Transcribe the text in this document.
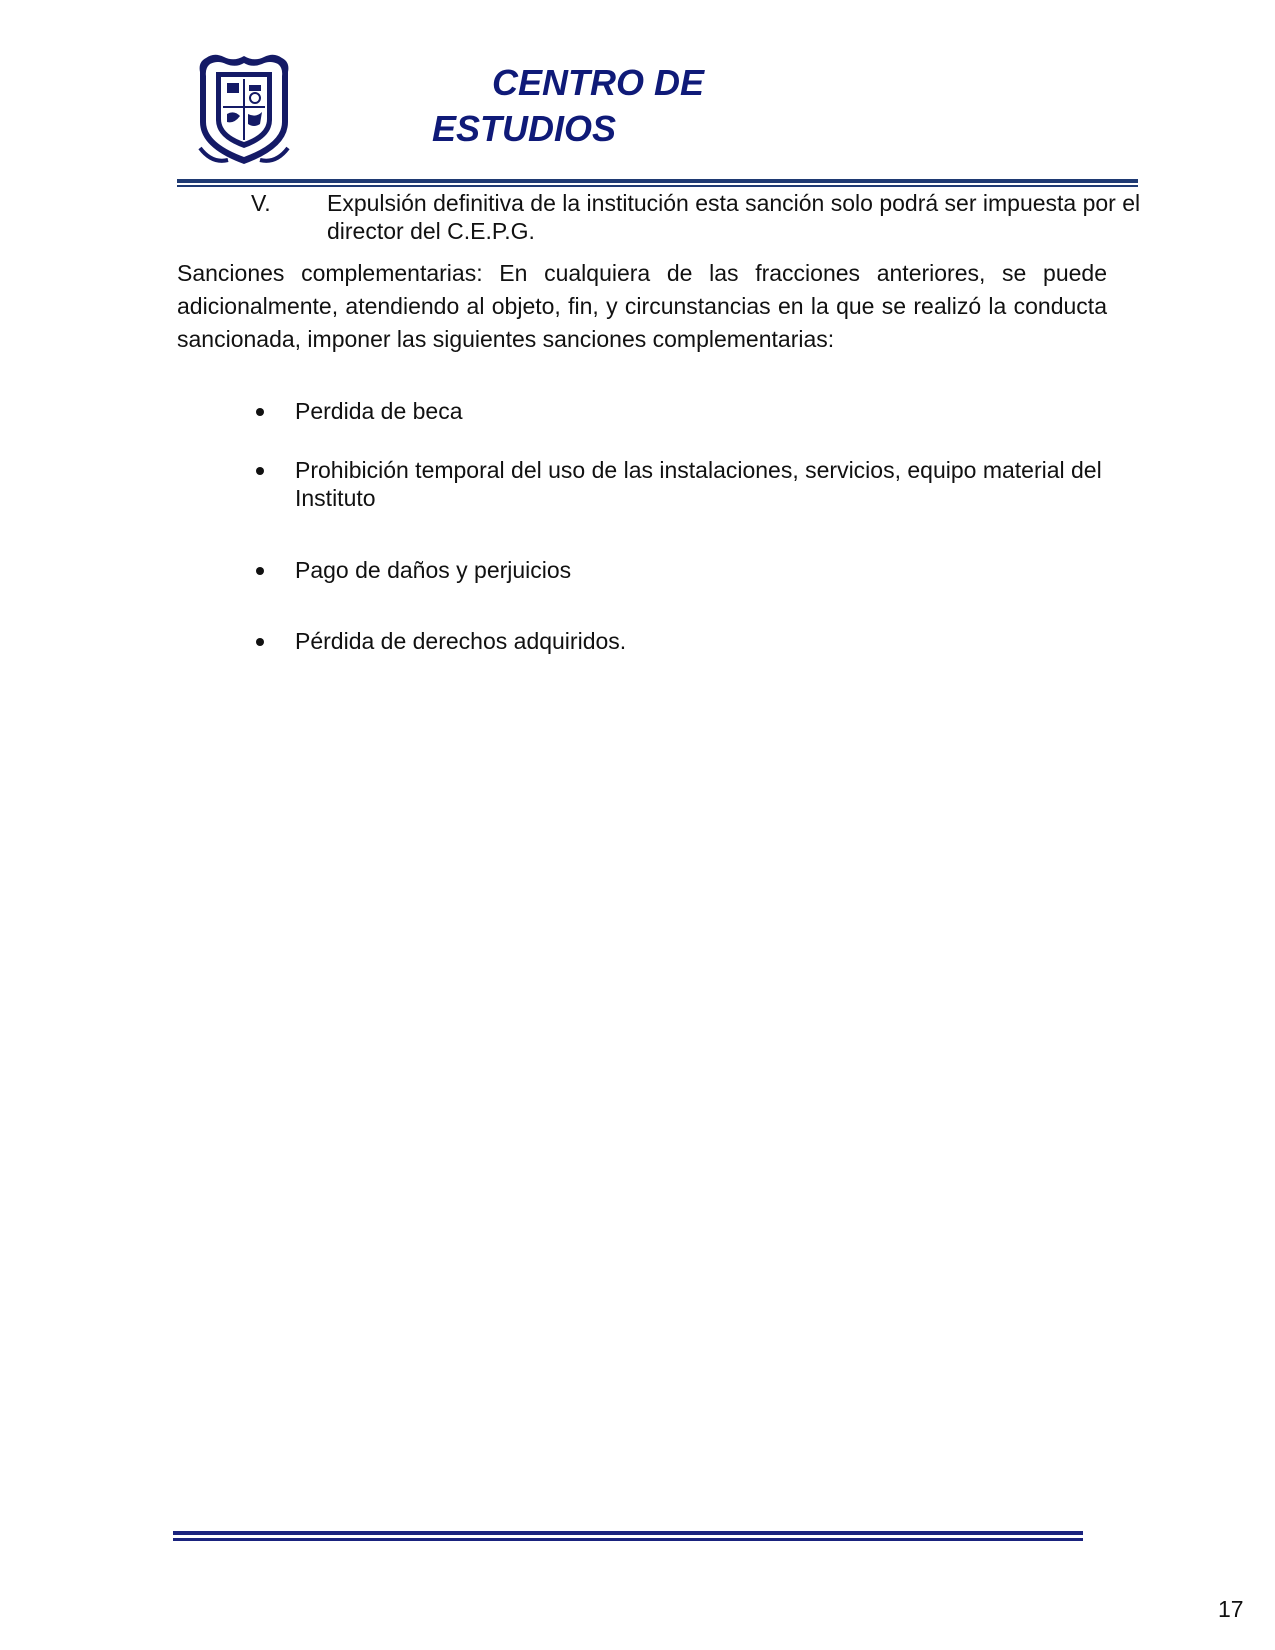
CENTRO DE
ESTUDIOS
V. Expulsión definitiva de la institución esta sanción solo podrá ser impuesta por el director del C.E.P.G.
Sanciones complementarias: En cualquiera de las fracciones anteriores, se puede adicionalmente, atendiendo al objeto, fin, y circunstancias en la que se realizó la conducta sancionada, imponer las siguientes sanciones complementarias:
Perdida de beca
Prohibición temporal del uso de las instalaciones, servicios, equipo material del Instituto
Pago de daños y perjuicios
Pérdida de derechos adquiridos.
17
